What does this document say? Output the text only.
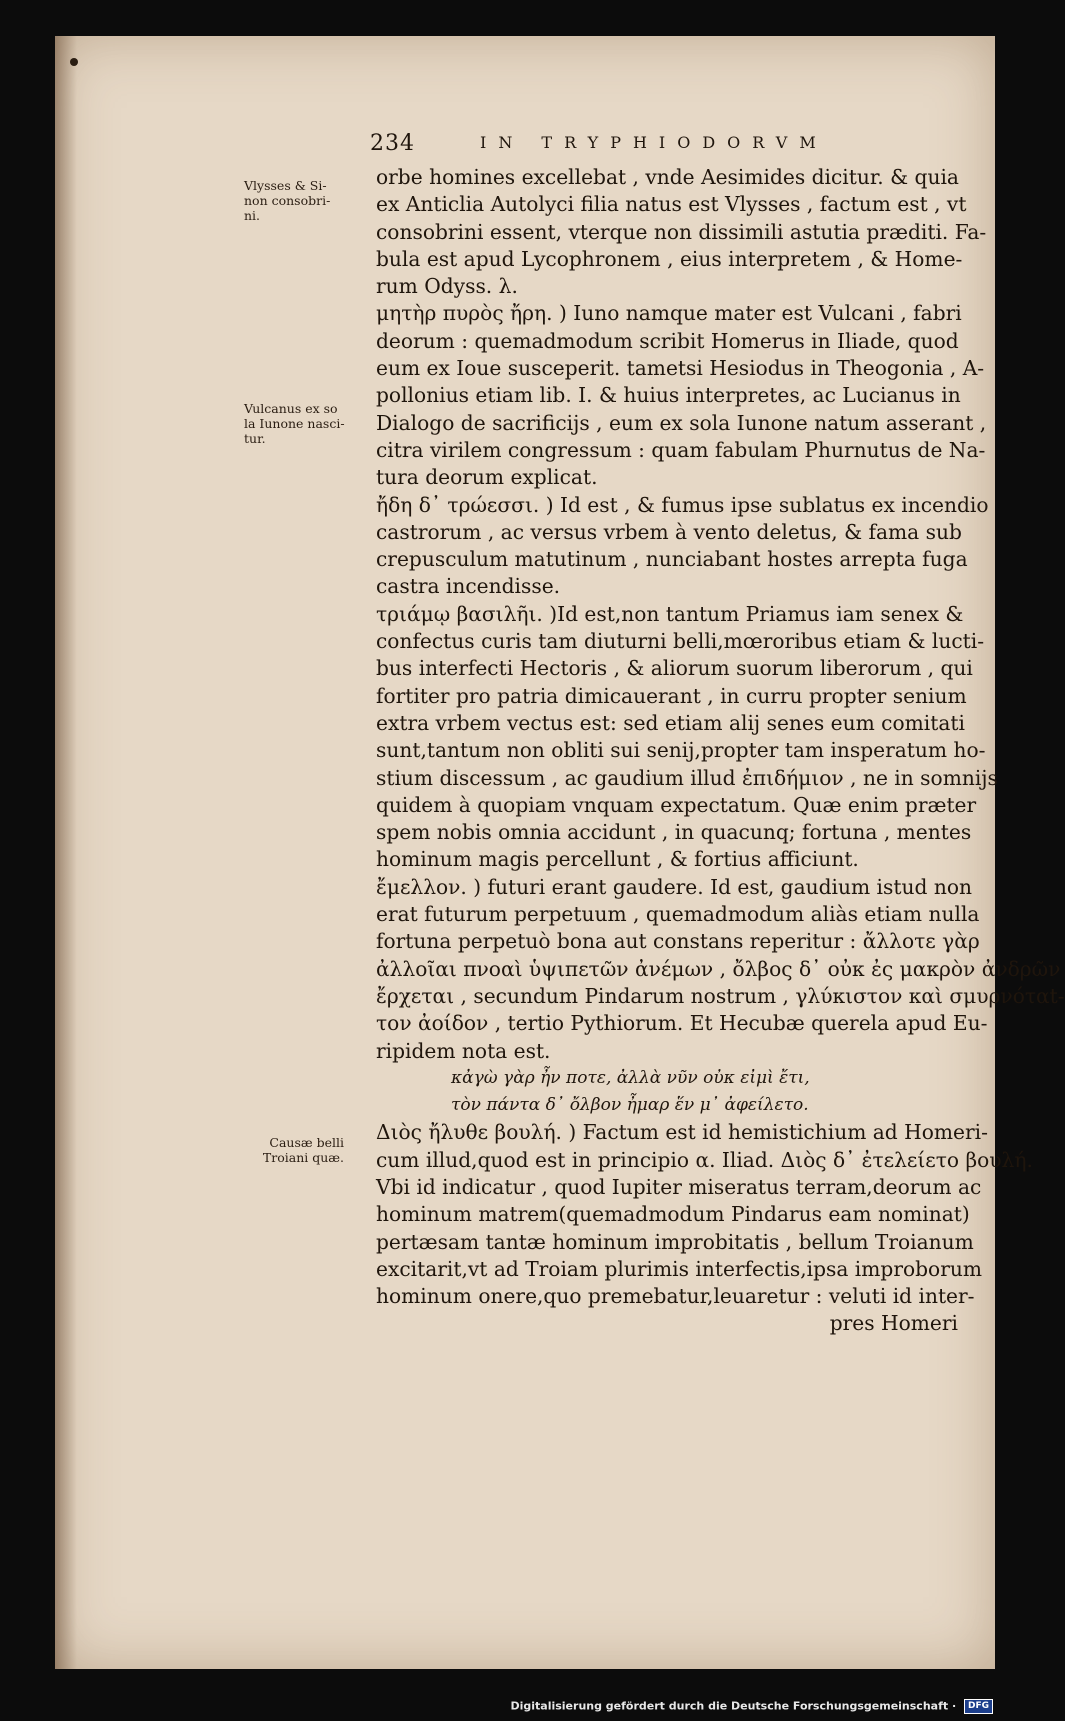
234	IN TRYPHIODORVM
Vlysses & Si-
non consobri-
ni.
Vulcanus ex so
la Iunone nasci-
tur.
Causæ belli
Troiani quæ.
orbe homines excellebat , vnde Aesimides dicitur. & quia
ex Anticlia Autolyci filia natus est Vlysses , factum est , vt
consobrini essent, vterque non dissimili astutia præditi. Fa-
bula est apud Lycophronem , eius interpretem , & Home-
rum Odyss. λ.
μητὴρ πυρὸς ἤρη. ) Iuno namque mater est Vulcani , fabri
deorum : quemadmodum scribit Homerus in Iliade, quod
eum ex Ioue susceperit. tametsi Hesiodus in Theogonia , A-
pollonius etiam lib. I. & huius interpretes, ac Lucianus in
Dialogo de sacrificijs , eum ex sola Iunone natum asserant ,
citra virilem congressum : quam fabulam Phurnutus de Na-
tura deorum explicat.
ἤδη δ᾽ τρώεσσι. ) Id est , & fumus ipse sublatus ex incendio
castrorum , ac versus vrbem à vento deletus, & fama sub
crepusculum matutinum , nunciabant hostes arrepta fuga
castra incendisse.
τριάμῳ βασιλῆι. )Id est,non tantum Priamus iam senex &
confectus curis tam diuturni belli,mœroribus etiam & lucti-
bus interfecti Hectoris , & aliorum suorum liberorum , qui
fortiter pro patria dimicauerant , in curru propter senium
extra vrbem vectus est: sed etiam alij senes eum comitati
sunt,tantum non obliti sui senij,propter tam insperatum ho-
stium discessum , ac gaudium illud ἐπιδήμιον , ne in somnijs
quidem à quopiam vnquam expectatum. Quæ enim præter
spem nobis omnia accidunt , in quacunq; fortuna , mentes
hominum magis percellunt , & fortius afficiunt.
ἔμελλον. ) futuri erant gaudere. Id est, gaudium istud non
erat futurum perpetuum , quemadmodum aliàs etiam nulla
fortuna perpetuò bona aut constans reperitur : ἄλλοτε γὰρ
ἀλλοῖαι πνοαὶ ὑψιπετῶν ἀνέμων , ὄλβος δ᾽ οὐκ ἐς μακρὸν ἀνδρῶν
ἔρχεται , secundum Pindarum nostrum , γλύκιστον καὶ σμυρνόταt-
τον ἀοίδον , tertio Pythiorum. Et Hecubæ querela apud Eu-
ripidem nota est.
κἀγὼ γὰρ ἦν ποτε, ἀλλὰ νῦν οὐκ εἰμὶ ἔτι,
τὸν πάντα δ᾽ ὄλβον ἦμαρ ἕν μ᾽ ἀφείλετο.
Διὸς ἤλυθε βουλή. ) Factum est id hemistichium ad Homeri-
cum illud,quod est in principio α. Iliad. Διὸς δ᾽ ἐτελείετο βουλή.
Vbi id indicatur , quod Iupiter miseratus terram,deorum ac
hominum matrem(quemadmodum Pindarus eam nominat)
pertæsam tantæ hominum improbitatis , bellum Troianum
excitarit,vt ad Troiam plurimis interfectis,ipsa improborum
hominum onere,quo premebatur,leuaretur : veluti id inter-
pres Homeri
Digitalisierung gefördert durch die Deutsche Forschungsgemeinschaft · DFG
